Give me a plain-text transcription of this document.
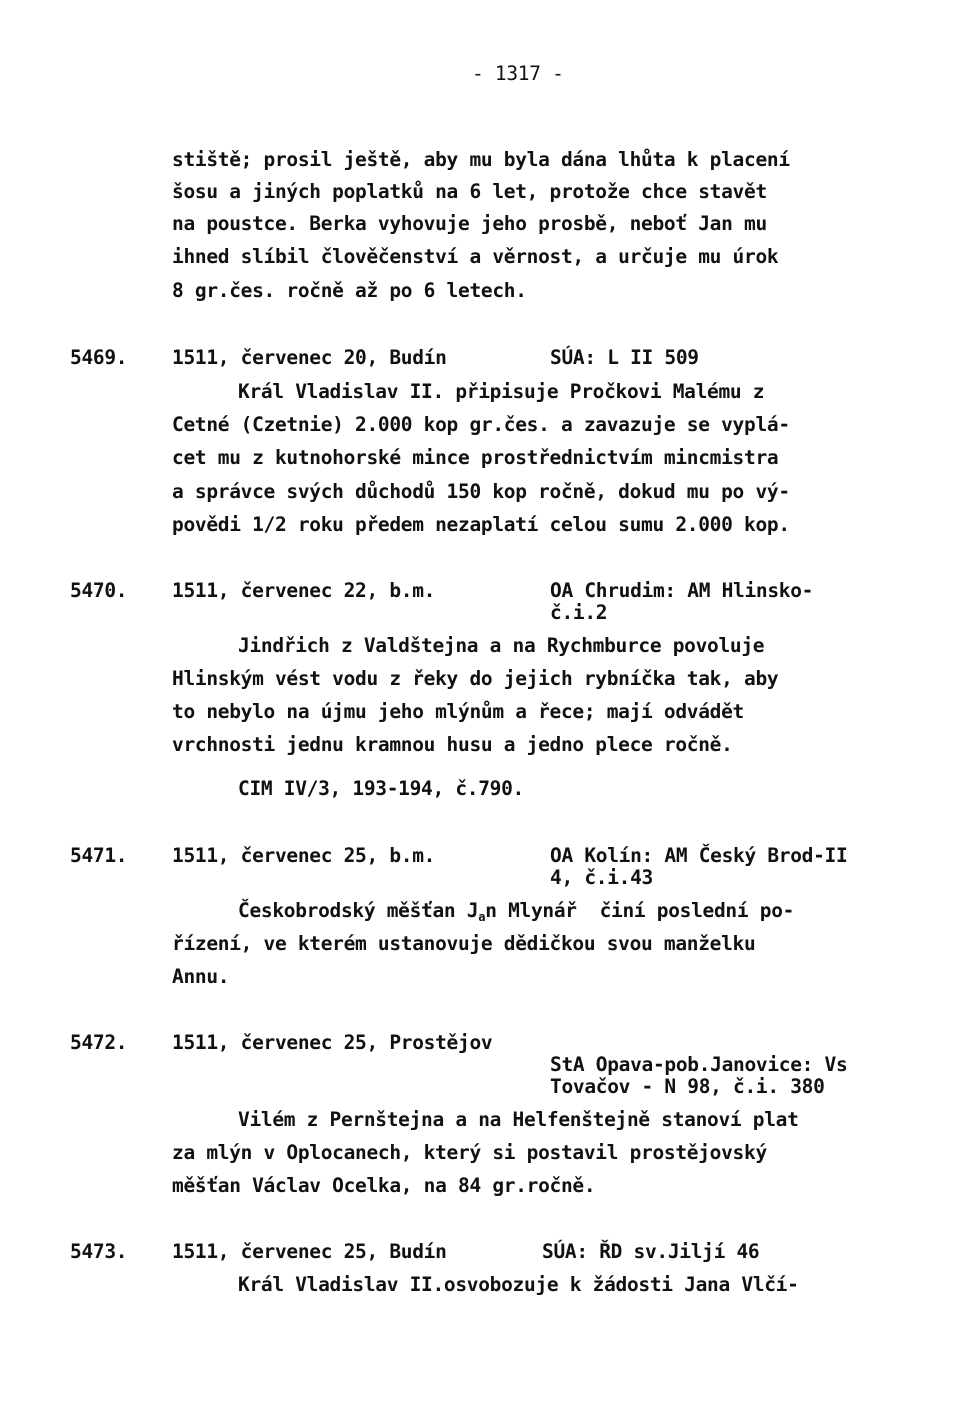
- 1317 -
stiště; prosil ještě, aby mu byla dána lhůta k placení
šosu a jiných poplatků na 6 let, protože chce stavět
na poustce. Berka vyhovuje jeho prosbě, neboť Jan mu
ihned slíbil člověčenství a věrnost, a určuje mu úrok
8 gr.čes. ročně až po 6 letech.
5469. 1511, červenec 20, Budín	SÚA: L II 509
Král Vladislav II. připisuje Pročkovi Malému z
Cetné (Czetnie) 2.000 kop gr.čes. a zavazuje se vyplá-
cet mu z kutnohorské mince prostřednictvím mincmistra
a správce svých důchodů 150 kop ročně, dokud mu po vý-
povědi 1/2 roku předem nezaplatí celou sumu 2.000 kop.
5470. 1511, červenec 22, b.m.	OA Chrudim: AM Hlinsko-
č.i.2
Jindřich z Valdštejna a na Rychmburce povoluje
Hlinským vést vodu z řeky do jejich rybníčka tak, aby
to nebylo na újmu jeho mlýnům a řece; mají odvádět
vrchnosti jednu kramnou husu a jedno plece ročně.
CIM IV/3, 193-194, č.790.
5471. 1511, červenec 25, b.m.	OA Kolín: AM Český Brod-II
4, č.i.43
Českobrodský měšťan $J_an$ Mlynář  činí poslední po-
řízení, ve kterém ustanovuje dědičkou svou manželku
Annu.
5472. 1511, červenec 25, Prostějov
StA Opava-pob.Janovice: Vs
Tovačov - N 98, č.i. 380
Vilém z Pernštejna a na Helfenštejně stanoví plat
za mlýn v Oplocanech, který si postavil prostějovský
měšťan Václav Ocelka, na 84 gr.ročně.
5473. 1511, červenec 25, Budín	SÚA: ŘD sv.Jiljí 46
Král Vladislav II.osvobozuje k žádosti Jana Vlčí-
